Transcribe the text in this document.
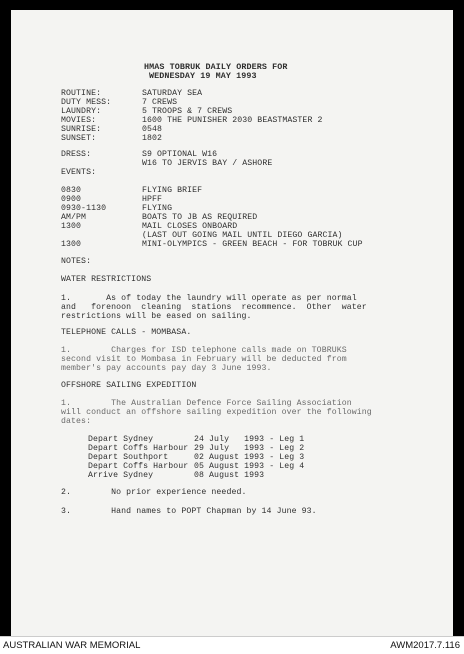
HMAS TOBRUK DAILY ORDERS FOR
WEDNESDAY 19 MAY 1993
ROUTINE:	SATURDAY SEA
DUTY MESS:	7 CREWS
LAUNDRY:	5 TROOPS & 7 CREWS
MOVIES:	1600 THE PUNISHER 2030 BEASTMASTER 2
SUNRISE:	0548
SUNSET:	1802
DRESS:	S9 OPTIONAL W16
W16 TO JERVIS BAY / ASHORE
EVENTS:
0830	FLYING BRIEF
0900	HPFF
0930-1130	FLYING
AM/PM	BOATS TO JB AS REQUIRED
1300	MAIL CLOSES ONBOARD
(LAST OUT GOING MAIL UNTIL DIEGO GARCIA)
1300	MINI-OLYMPICS - GREEN BEACH - FOR TOBRUK CUP
NOTES:
WATER RESTRICTIONS
1.       As of today the laundry will operate as per normal
and   forenoon  cleaning  stations  recommence.  Other  water
restrictions will be eased on sailing.
TELEPHONE CALLS - MOMBASA.
1.        Charges for ISD telephone calls made on TOBRUKS
second visit to Mombasa in February will be deducted from
member's pay accounts pay day 3 June 1993.
OFFSHORE SAILING EXPEDITION
1.        The Australian Defence Force Sailing Association
will conduct an offshore sailing expedition over the following
dates:
Depart Sydney	24 July   1993 - Leg 1
Depart Coffs Harbour 29 July   1993 - Leg 2
Depart Southport	02 August 1993 - Leg 3
Depart Coffs Harbour 05 August 1993 - Leg 4
Arrive Sydney	08 August 1993
2.        No prior experience needed.
3.        Hand names to POPT Chapman by 14 June 93.
AUSTRALIAN WAR MEMORIAL	AWM2017.7.116
